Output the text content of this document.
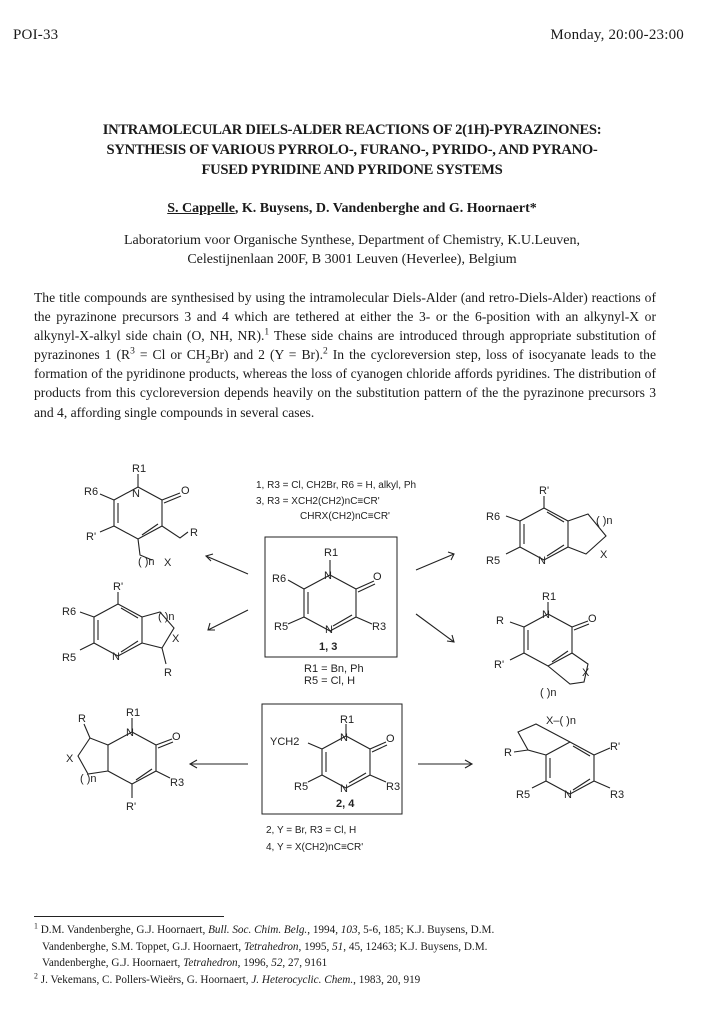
POI-33	Monday, 20:00-23:00
INTRAMOLECULAR DIELS-ALDER REACTIONS OF 2(1H)-PYRAZINONES:
SYNTHESIS OF VARIOUS PYRROLO-, FURANO-, PYRIDO-, AND PYRANO-
FUSED PYRIDINE AND PYRIDONE SYSTEMS
S. Cappelle, K. Buysens, D. Vandenberghe and G. Hoornaert*
Laboratorium voor Organische Synthese, Department of Chemistry, K.U.Leuven,
Celestijnenlaan 200F, B 3001 Leuven (Heverlee), Belgium
The title compounds are synthesised by using the intramolecular Diels-Alder (and retro-Diels-Alder) reactions of the pyrazinone precursors 3 and 4 which are tethered at either the 3- or the 6-position with an alkynyl-X or alkynyl-X-alkyl side chain (O, NH, NR).$^1$ These side chains are introduced through appropriate substitution of pyrazinones 1 ($R^3 = Cl$ or $CH_2Br$) and 2 (Y = Br).$^2$ In the cycloreversion step, loss of isocyanate leads to the formation of the pyridinone products, whereas the loss of cyanogen chloride affords pyridines. The distribution of products from this cycloreversion depends heavily on the substitution pattern of the the pyrazinone precursors 3 and 4, affording single compounds in several cases.
R1
N	O
R6
R5	N	R3
1, 3
1, R3 = Cl, CH2Br, R6 = H, alkyl, Ph
3, R3 = XCH2(CH2)nC≡CR'
CHRX(CH2)nC≡CR'
R1 = Bn, Ph
R5 = Cl, H
R1
N	O
YCH2
R5	N	R3
2, 4
2, Y = Br, R3 = Cl, H
4, Y = X(CH2)nC≡CR'
R1
N	O
R6
R'	R
( )n X
R'
R6
R5	N
( )n
X
R
R1
N	O
R
X
( )n	R3
R'
R'
R6
R5	N
( )n
X
R1
N	O
R
R'
X
( )n
X–( )n
R	R'
R5	N	R3
$^1$ D.M. Vandenberghe, G.J. Hoornaert, Bull. Soc. Chim. Belg., 1994, 103, 5-6, 185; K.J. Buysens, D.M.
Vandenberghe, S.M. Toppet, G.J. Hoornaert, Tetrahedron, 1995, 51, 45, 12463; K.J. Buysens, D.M.
Vandenberghe, G.J. Hoornaert, Tetrahedron, 1996, 52, 27, 9161
$^2$ J. Vekemans, C. Pollers-Wieërs, G. Hoornaert, J. Heterocyclic. Chem., 1983, 20, 919
